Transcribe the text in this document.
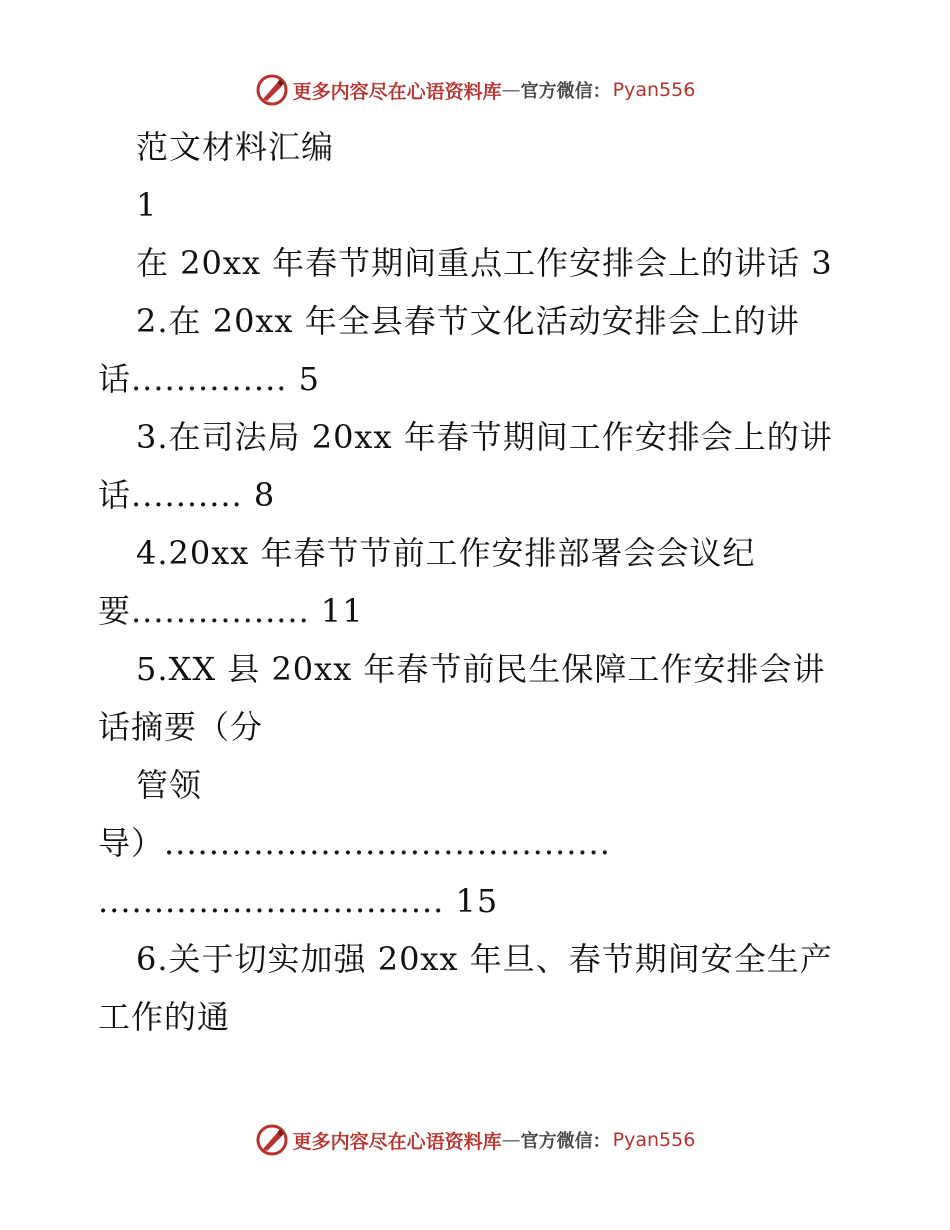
更多内容尽在心语资料库 — 官方微信： Pyan556
范文材料汇编
1
在 20xx 年春节期间重点工作安排会上的讲话 3
2.在 20xx 年全县春节文化活动安排会上的讲
话.............. 5
3.在司法局 20xx 年春节期间工作安排会上的讲
话.......... 8
4.20xx 年春节节前工作安排部署会会议纪
要................ 11
5.XX 县 20xx 年春节前民生保障工作安排会讲
话摘要（分
管领
导）........................................
............................... 15
6.关于切实加强 20xx 年旦、春节期间安全生产
工作的通
更多内容尽在心语资料库 — 官方微信： Pyan556
